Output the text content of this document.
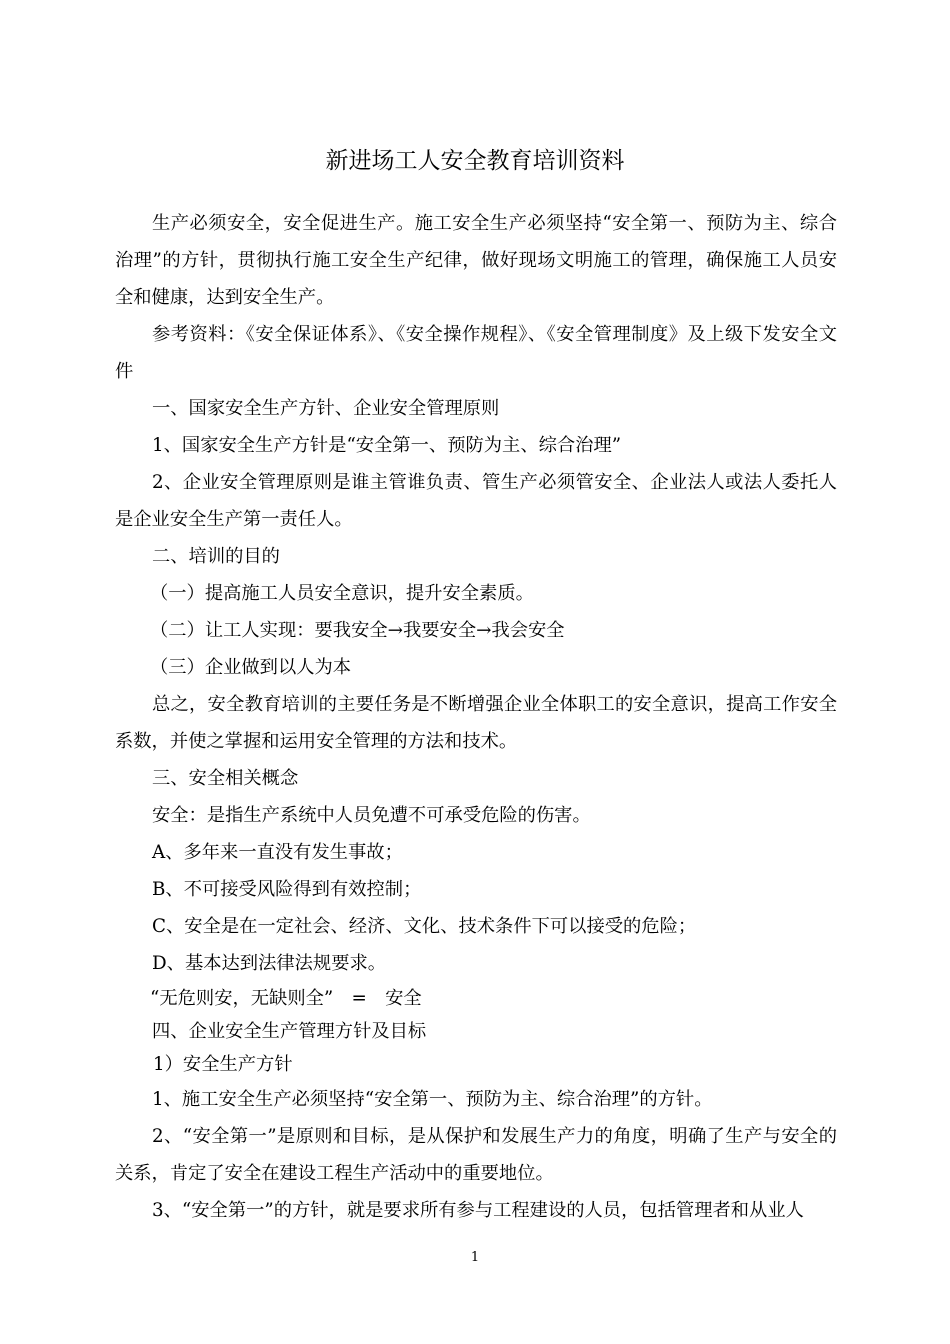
新进场工人安全教育培训资料

生产必须安全，安全促进生产。施工安全生产必须坚持“安全第一、预防为主、综合治理”的方针，贯彻执行施工安全生产纪律，做好现场文明施工的管理，确保施工人员安全和健康，达到安全生产。

参考资料：《安全保证体系》、《安全操作规程》、《安全管理制度》及上级下发安全文件

一、国家安全生产方针、企业安全管理原则

1、国家安全生产方针是“安全第一、预防为主、综合治理”

2、企业安全管理原则是谁主管谁负责、管生产必须管安全、企业法人或法人委托人是企业安全生产第一责任人。

二、培训的目的

（一）提高施工人员安全意识，提升安全素质。

（二）让工人实现：要我安全→我要安全→我会安全

（三）企业做到以人为本

总之，安全教育培训的主要任务是不断增强企业全体职工的安全意识，提高工作安全系数，并使之掌握和运用安全管理的方法和技术。

三、安全相关概念

安全：是指生产系统中人员免遭不可承受危险的伤害。

A、多年来一直没有发生事故；

B、不可接受风险得到有效控制；

C、安全是在一定社会、经济、文化、技术条件下可以接受的危险；

D、基本达到法律法规要求。

“无危则安，无缺则全”　=　安全

四、企业安全生产管理方针及目标

1）安全生产方针

1、施工安全生产必须坚持“安全第一、预防为主、综合治理”的方针。

2、“安全第一”是原则和目标，是从保护和发展生产力的角度，明确了生产与安全的关系，肯定了安全在建设工程生产活动中的重要地位。

3、“安全第一”的方针，就是要求所有参与工程建设的人员，包括管理者和从业人

1
